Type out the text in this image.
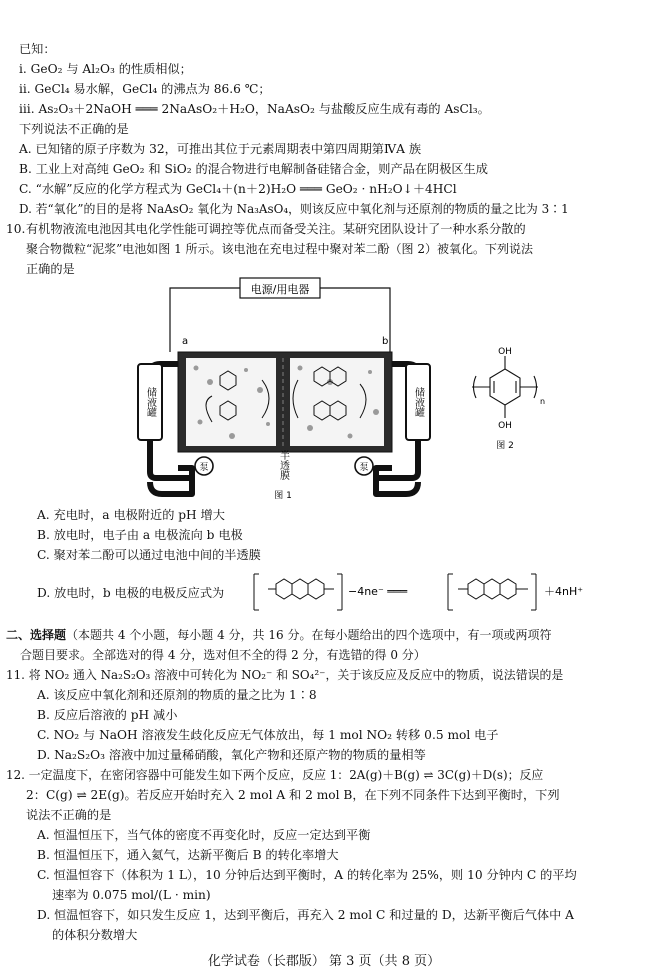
已知：
ⅰ. GeO₂ 与 Al₂O₃ 的性质相似；
ⅱ. GeCl₄ 易水解，GeCl₄ 的沸点为 86.6 ℃；
ⅲ. As₂O₃＋2NaOH ═══ 2NaAsO₂＋H₂O，NaAsO₂ 与盐酸反应生成有毒的 AsCl₃。
下列说法不正确的是
A. 已知锗的原子序数为 32，可推出其位于元素周期表中第四周期第ⅣA 族
B. 工业上对高纯 GeO₂ 和 SiO₂ 的混合物进行电解制备硅锗合金，则产品在阴极区生成
C. “水解”反应的化学方程式为 GeCl₄＋(n＋2)H₂O ═══ GeO₂ · nH₂O↓＋4HCl
D. 若“氧化”的目的是将 NaAsO₂ 氧化为 Na₃AsO₄，则该反应中氧化剂与还原剂的物质的量之比为 3∶1
10. 有机物液流电池因其电化学性能可调控等优点而备受关注。某研究团队设计了一种水系分散的
聚合物微粒“泥浆”电池如图 1 所示。该电池在充电过程中聚对苯二酚（图 2）被氧化。下列说法
正确的是
电源/用电器
a	b
储液罐	储液罐
泵	泵
半透膜
图 1
OH
OH
n
图 2
A. 充电时，a 电极附近的 pH 增大
B. 放电时，电子由 a 电极流向 b 电极
C. 聚对苯二酚可以通过电池中间的半透膜
D. 放电时，b 电极的电极反应式为	−4ne⁻ ═══	＋4nH⁺
二、选择题（本题共 4 个小题，每小题 4 分，共 16 分。在每小题给出的四个选项中，有一项或两项符
合题目要求。全部选对的得 4 分，选对但不全的得 2 分，有选错的得 0 分）
11. 将 NO₂ 通入 Na₂S₂O₃ 溶液中可转化为 NO₂⁻ 和 SO₄²⁻，关于该反应及反应中的物质，说法错误的是
A. 该反应中氧化剂和还原剂的物质的量之比为 1∶8
B. 反应后溶液的 pH 减小
C. NO₂ 与 NaOH 溶液发生歧化反应无气体放出，每 1 mol NO₂ 转移 0.5 mol 电子
D. Na₂S₂O₃ 溶液中加过量稀硝酸，氧化产物和还原产物的物质的量相等
12. 一定温度下，在密闭容器中可能发生如下两个反应，反应 1：2A(g)＋B(g) ⇌ 3C(g)＋D(s)；反应
2：C(g) ⇌ 2E(g)。若反应开始时充入 2 mol A 和 2 mol B，在下列不同条件下达到平衡时，下列
说法不正确的是
A. 恒温恒压下，当气体的密度不再变化时，反应一定达到平衡
B. 恒温恒压下，通入氦气，达新平衡后 B 的转化率增大
C. 恒温恒容下（体积为 1 L），10 分钟后达到平衡时，A 的转化率为 25%，则 10 分钟内 C 的平均
速率为 0.075 mol/(L · min)
D. 恒温恒容下，如只发生反应 1，达到平衡后，再充入 2 mol C 和过量的 D，达新平衡后气体中 A
的体积分数增大
化学试卷（长郡版） 第 3 页（共 8 页）
